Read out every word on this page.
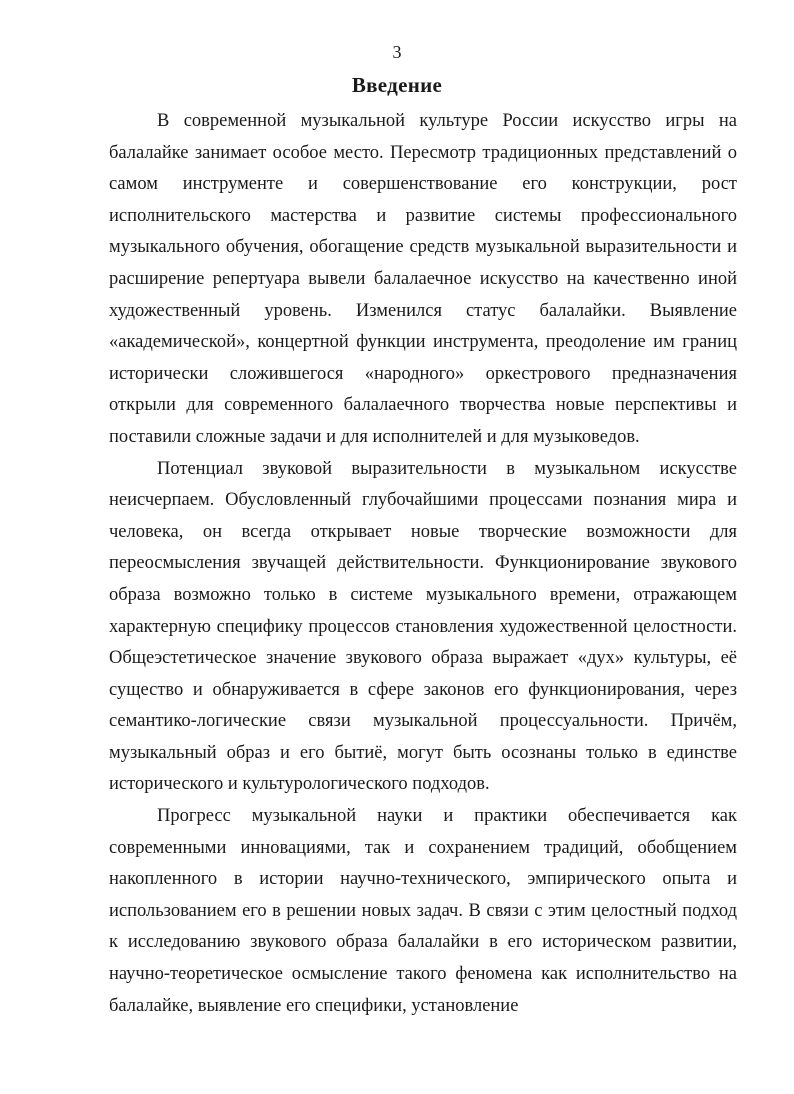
3
Введение

В современной музыкальной культуре России искусство игры на балалайке занимает особое место. Пересмотр традиционных представлений о самом инструменте и совершенствование его конструкции, рост исполнительского мастерства и развитие системы профессионального музыкального обучения, обогащение средств музыкальной выразительности и расширение репертуара вывели балалаечное искусство на качественно иной художественный уровень. Изменился статус балалайки. Выявление «академической», концертной функции инструмента, преодоление им границ исторически сложившегося «народного» оркестрового предназначения открыли для современного балалаечного творчества новые перспективы и поставили сложные задачи и для исполнителей и для музыковедов.

Потенциал звуковой выразительности в музыкальном искусстве неисчерпаем. Обусловленный глубочайшими процессами познания мира и человека, он всегда открывает новые творческие возможности для переосмысления звучащей действительности. Функционирование звукового образа возможно только в системе музыкального времени, отражающем характерную специфику процессов становления художественной целостности. Общеэстетическое значение звукового образа выражает «дух» культуры, её существо и обнаруживается в сфере законов его функционирования, через семантико-логические связи музыкальной процессуальности. Причём, музыкальный образ и его бытиё, могут быть осознаны только в единстве исторического и культурологического подходов.

Прогресс музыкальной науки и практики обеспечивается как современными инновациями, так и сохранением традиций, обобщением накопленного в истории научно-технического, эмпирического опыта и использованием его в решении новых задач. В связи с этим целостный подход к исследованию звукового образа балалайки в его историческом развитии, научно-теоретическое осмысление такого феномена как исполнительство на балалайке, выявление его специфики, установление
